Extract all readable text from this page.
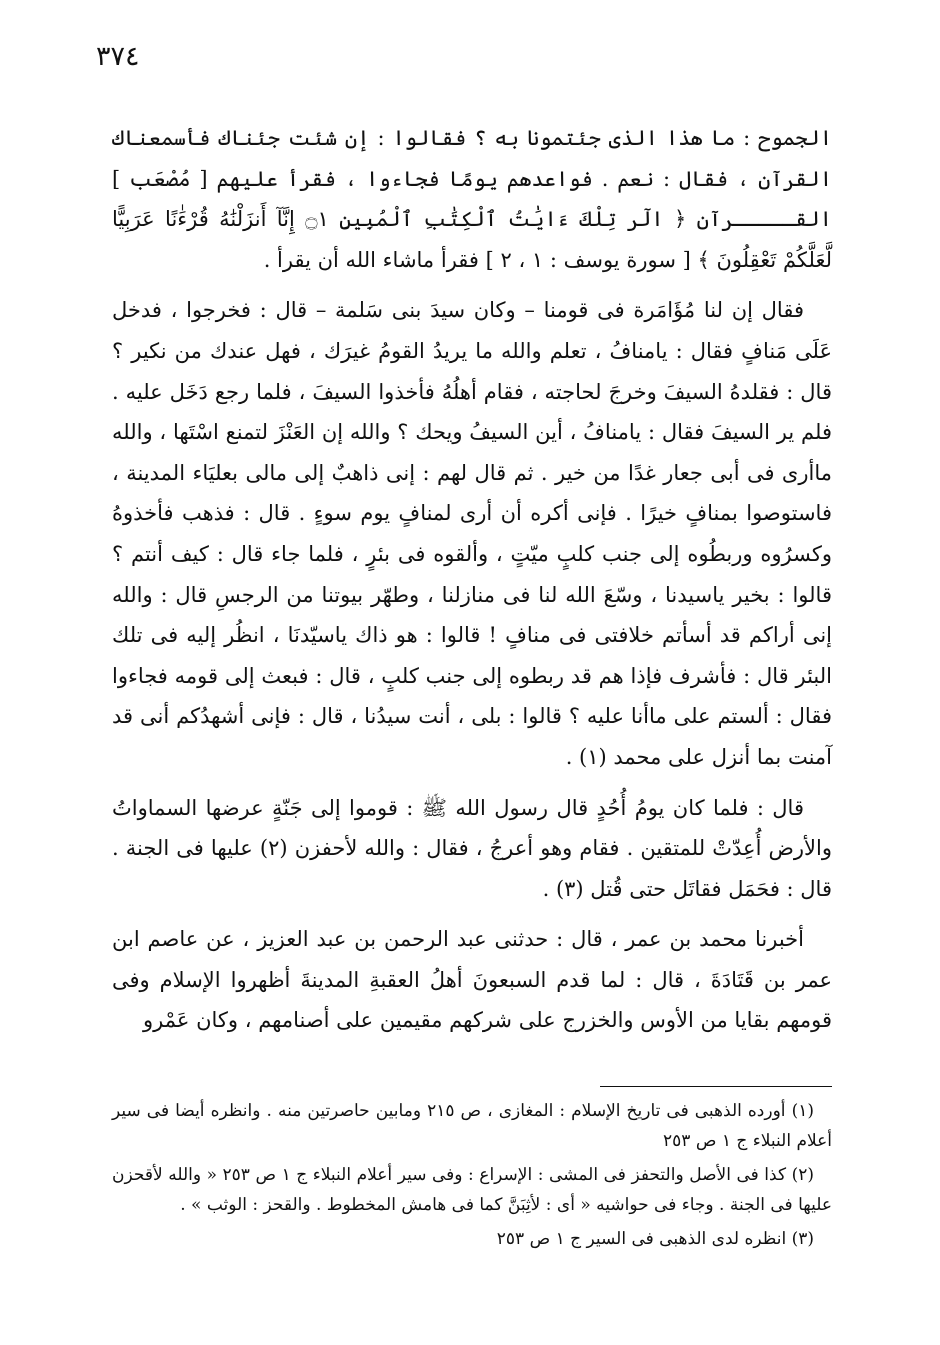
٣٧٤

الجموح : ما هذا الذى جئتمونا به ؟ فقالوا : إن شئت جئناك فأسمعناك القرآن ، فقال : نعم . فواعدهم يومًا فجاءوا ، فقرأ عليهم [ مُصْعَب ] القـــــرآن ﴿ الٓر تِلْكَ ءَايَٰتُ ٱلْكِتَٰبِ ٱلْمُبِينِ ۝١ إِنَّآ أَنزَلْنَٰهُ قُرْءَٰنًا عَرَبِيًّا لَّعَلَّكُمْ تَعْقِلُونَ ﴾ [ سورة يوسف : ١ ، ٢ ] فقرأ ماشاء الله أن يقرأ .

فقال إن لنا مُؤَامَرة فى قومنا – وكان سيدَ بنى سَلمة – قال : فخرجوا ، فدخل عَلَى مَنافٍ فقال : يامنافُ ، تعلم والله ما يريدُ القومُ غيرَك ، فهل عندك من نكير ؟ قال : فقلدهُ السيفَ وخرجَ لحاجته ، فقام أهلُهُ فأخذوا السيفَ ، فلما رجع دَخَل عليه . فلم ير السيفَ فقال : يامنافُ ، أين السيفُ ويحك ؟ والله إن العَنْزَ لتمنع اسْتَها ، والله ماأرى فى أبى جعار غدًا من خير . ثم قال لهم : إنى ذاهبٌ إلى مالى بعليَاء المدينة ، فاستوصوا بمنافٍ خيرًا . فإنى أكره أن أرى لمنافٍ يوم سوءٍ . قال : فذهب فأخذوهُ وكسرُوه وربطُوه إلى جنب كلبٍ ميّتٍ ، وألقوه فى بئرٍ ، فلما جاء قال : كيف أنتم ؟ قالوا : بخير ياسيدنا ، وسّعَ الله لنا فى منازلنا ، وطهّر بيوتنا من الرجسِ قال : والله إنى أراكم قد أسأتم خلافتى فى منافٍ ! قالوا : هو ذاك ياسيّدنَا ، انظُر إليه فى تلك البئر قال : فأشرف فإذا هم قد ربطوه إلى جنب كلبٍ ، قال : فبعث إلى قومه فجاءوا فقال : ألستم على ماأنا عليه ؟ قالوا : بلى ، أنت سيدُنا ، قال : فإنى أشهدُكم أنى قد آمنت بما أنزل على محمد (١) .

قال : فلما كان يومُ أُحُدٍ قال رسول الله ﷺ : قوموا إلى جَنّةٍ عرضها السماواتُ والأرض أُعِدّتْ للمتقين . فقام وهو أعرجُ ، فقال : والله لأحفزن (٢) عليها فى الجنة . قال : فحَمَل فقاتَل حتى قُتل (٣) .

أخبرنا محمد بن عمر ، قال : حدثنى عبد الرحمن بن عبد العزيز ، عن عاصم ابن عمر بن قَتَادَةَ ، قال : لما قدم السبعونَ أهلُ العقبةِ المدينةَ أظهروا الإسلام وفى قومهم بقايا من الأوس والخزرج على شركهم مقيمين على أصنامهم ، وكان عَمْرو

(١) أورده الذهبى فى تاريخ الإسلام : المغازى ، ص ٢١٥ ومابين حاصرتين منه . وانظره أيضا فى سير أعلام النبلاء ج ١ ص ٢٥٣

(٢) كذا فى الأصل والتحفز فى المشى : الإسراع : وفى سير أعلام النبلاء ج ١ ص ٢٥٣ « والله لأقحزن عليها فى الجنة . وجاء فى حواشيه « أى : لأثِبَنَّ كما فى هامش المخطوط . والقحز : الوثب » .

(٣) انظره لدى الذهبى فى السير ج ١ ص ٢٥٣
